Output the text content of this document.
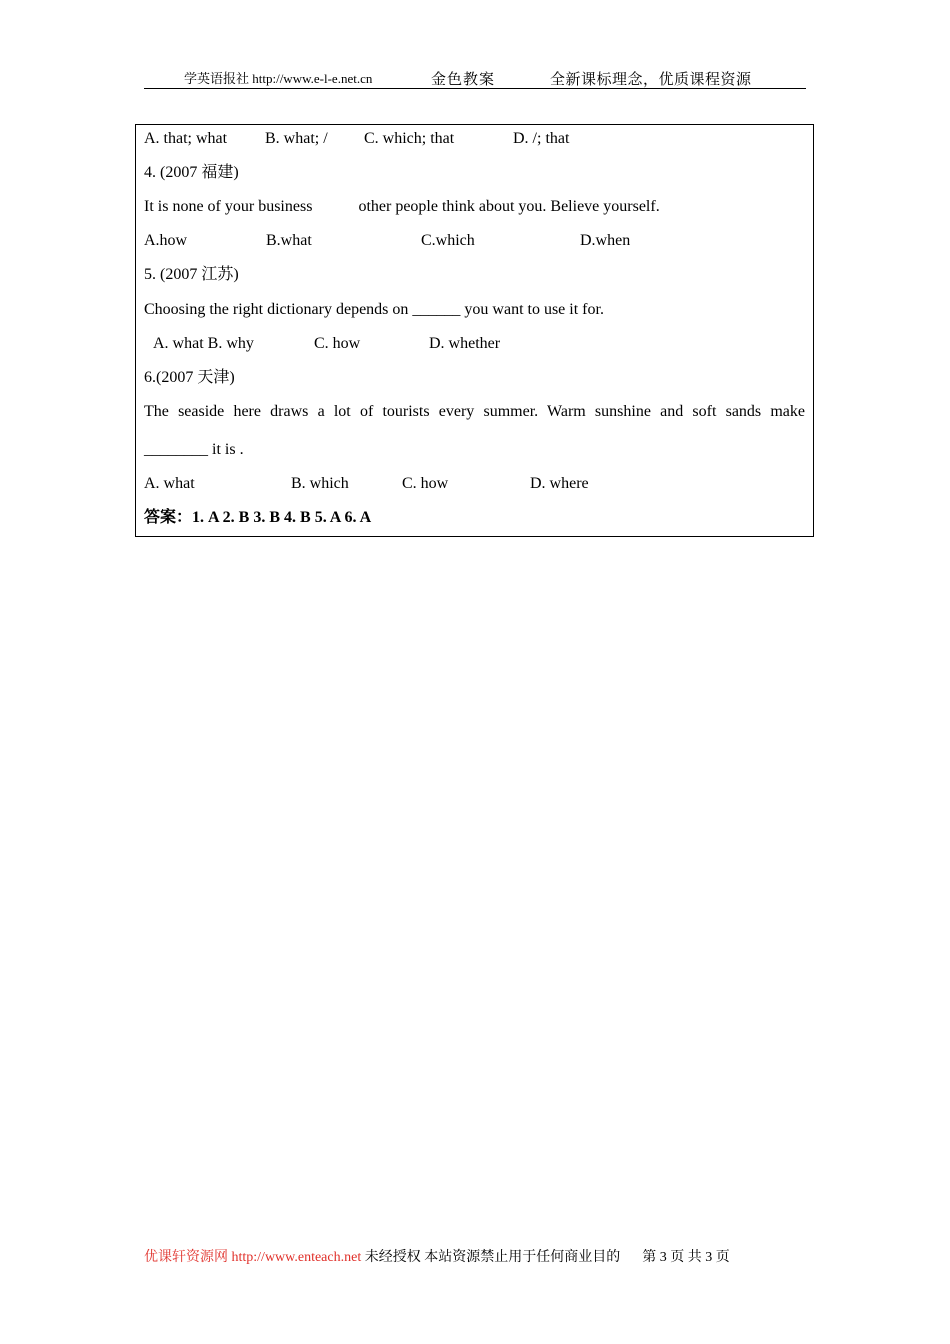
学英语报社 http://www.e-l-e.net.cn	金色教案	全新课标理念，优质课程资源
A. that; what B. what; / C. which; that	D. /; that
4. (2007 福建)
It is none of your business	other people think about you. Believe yourself.
A.how	B.what	C.which	D.when
5. (2007 江苏)
Choosing the right dictionary depends on ______ you want to use it for.
A. what B. why	C. how	D. whether
6.(2007 天津)
The seaside here draws a lot of tourists every summer. Warm sunshine and soft sands make
________ it is .
A. what	B. which	C. how	D. where
答案：1. A 2. B 3. B 4. B 5. A 6. A
优课轩资源网 http://www.enteach.net 未经授权 本站资源禁止用于任何商业目的 第 3 页 共 3 页
